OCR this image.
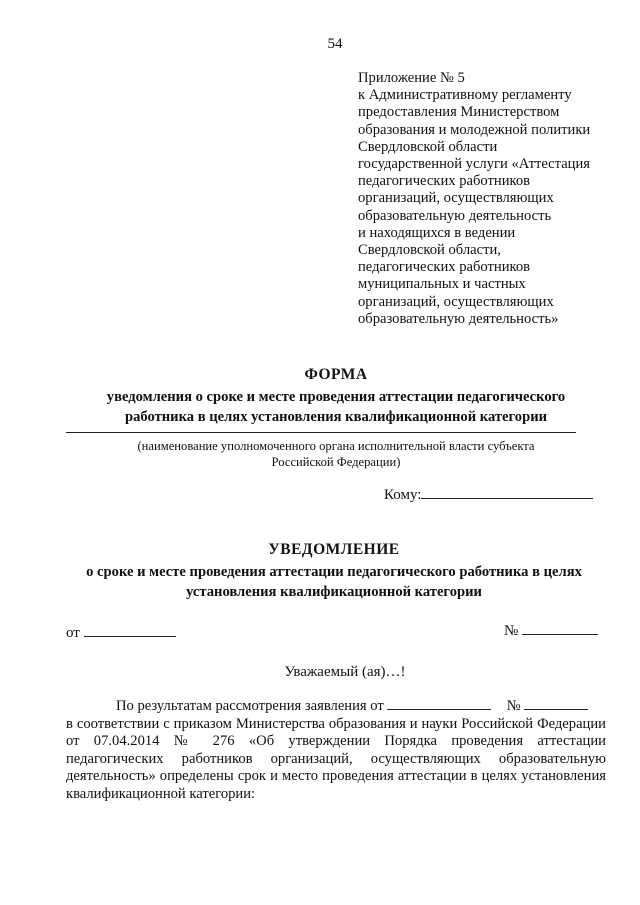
54
Приложение № 5
к Административному регламенту
предоставления Министерством
образования и молодежной политики
Свердловской области
государственной услуги «Аттестация
педагогических работников
организаций, осуществляющих
образовательную деятельность
и находящихся в ведении
Свердловской области,
педагогических работников
муниципальных и частных
организаций, осуществляющих
образовательную деятельность»
ФОРМА
уведомления о сроке и месте проведения аттестации педагогического
работника в целях установления квалификационной категории
(наименование уполномоченного органа исполнительной власти субъекта
Российской Федерации)
Кому:
УВЕДОМЛЕНИЕ
о сроке и месте проведения аттестации педагогического работника в целях
установления квалификационной категории
от	№
Уважаемый (ая)…!
По результатам рассмотрения заявления от	№
в соответствии с приказом Министерства образования и науки Российской Федерации от 07.04.2014 № 276 «Об утверждении Порядка проведения аттестации педагогических работников организаций, осуществляющих образовательную деятельность» определены срок и место проведения аттестации в целях установления квалификационной категории:
